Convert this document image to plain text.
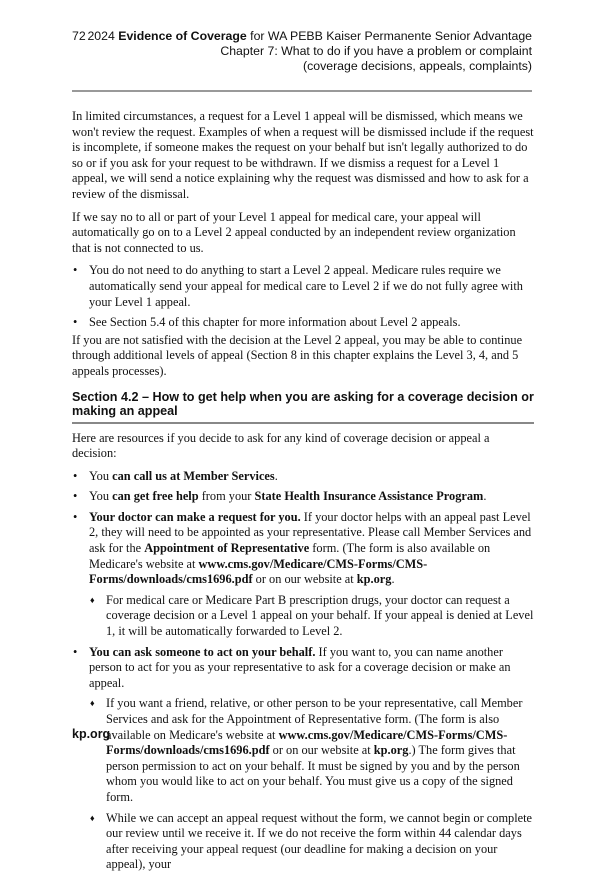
72 2024 Evidence of Coverage for WA PEBB Kaiser Permanente Senior Advantage
Chapter 7: What to do if you have a problem or complaint
(coverage decisions, appeals, complaints)

In limited circumstances, a request for a Level 1 appeal will be dismissed, which means we won't review the request. Examples of when a request will be dismissed include if the request is incomplete, if someone makes the request on your behalf but isn't legally authorized to do so or if you ask for your request to be withdrawn. If we dismiss a request for a Level 1 appeal, we will send a notice explaining why the request was dismissed and how to ask for a review of the dismissal.

If we say no to all or part of your Level 1 appeal for medical care, your appeal will automatically go on to a Level 2 appeal conducted by an independent review organization that is not connected to us.

• You do not need to do anything to start a Level 2 appeal. Medicare rules require we automatically send your appeal for medical care to Level 2 if we do not fully agree with your Level 1 appeal.
• See Section 5.4 of this chapter for more information about Level 2 appeals.

If you are not satisfied with the decision at the Level 2 appeal, you may be able to continue through additional levels of appeal (Section 8 in this chapter explains the Level 3, 4, and 5 appeals processes).

Section 4.2 – How to get help when you are asking for a coverage decision or making an appeal

Here are resources if you decide to ask for any kind of coverage decision or appeal a decision:

• You can call us at Member Services.
• You can get free help from your State Health Insurance Assistance Program.
• Your doctor can make a request for you. If your doctor helps with an appeal past Level 2, they will need to be appointed as your representative. Please call Member Services and ask for the Appointment of Representative form. (The form is also available on Medicare's website at www.cms.gov/Medicare/CMS-Forms/CMS-Forms/downloads/cms1696.pdf or on our website at kp.org.
♦ For medical care or Medicare Part B prescription drugs, your doctor can request a coverage decision or a Level 1 appeal on your behalf. If your appeal is denied at Level 1, it will be automatically forwarded to Level 2.
• You can ask someone to act on your behalf. If you want to, you can name another person to act for you as your representative to ask for a coverage decision or make an appeal.
♦ If you want a friend, relative, or other person to be your representative, call Member Services and ask for the Appointment of Representative form. (The form is also available on Medicare's website at www.cms.gov/Medicare/CMS-Forms/CMS-Forms/downloads/cms1696.pdf or on our website at kp.org.) The form gives that person permission to act on your behalf. It must be signed by you and by the person whom you would like to act on your behalf. You must give us a copy of the signed form.
♦ While we can accept an appeal request without the form, we cannot begin or complete our review until we receive it. If we do not receive the form within 44 calendar days after receiving your appeal request (our deadline for making a decision on your appeal), your
kp.org
